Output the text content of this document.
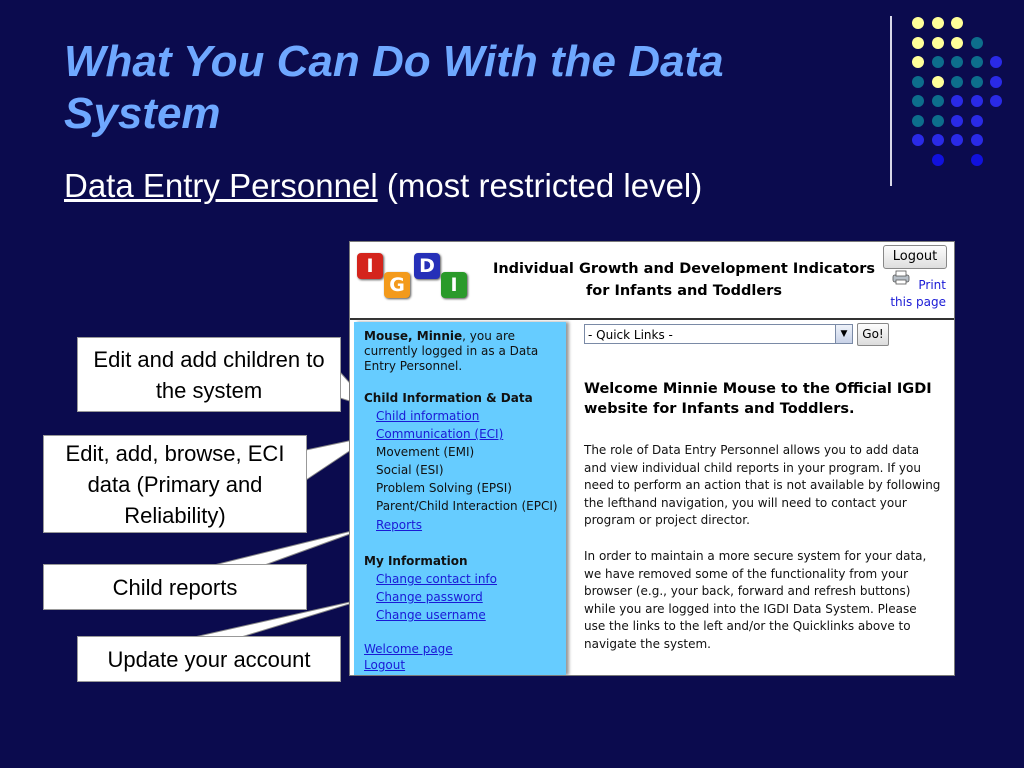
What You Can Do With the Data System
Data Entry Personnel (most restricted level)
Edit and add children to the system
Edit, add, browse, ECI data (Primary and Reliability)
Child reports
Update your account
I
G
D
I
Individual Growth and Development Indicators
for Infants and Toddlers
Logout
Print
this page
Mouse, Minnie, you are
currently logged in as a Data
Entry Personnel.
Child Information & Data
Child information
Communication (ECI)
Movement (EMI)
Social (ESI)
Problem Solving (EPSI)
Parent/Child Interaction (EPCI)
Reports
My Information
Change contact info
Change password
Change username
Welcome page
Logout
- Quick Links -	▼	Go!
Welcome Minnie Mouse to the Official IGDI
website for Infants and Toddlers.
The role of Data Entry Personnel allows you to add data
and view individual child reports in your program. If you
need to perform an action that is not available by following
the lefthand navigation, you will need to contact your
program or project director.
In order to maintain a more secure system for your data,
we have removed some of the functionality from your
browser (e.g., your back, forward and refresh buttons)
while you are logged into the IGDI Data System. Please
use the links to the left and/or the Quicklinks above to
navigate the system.
